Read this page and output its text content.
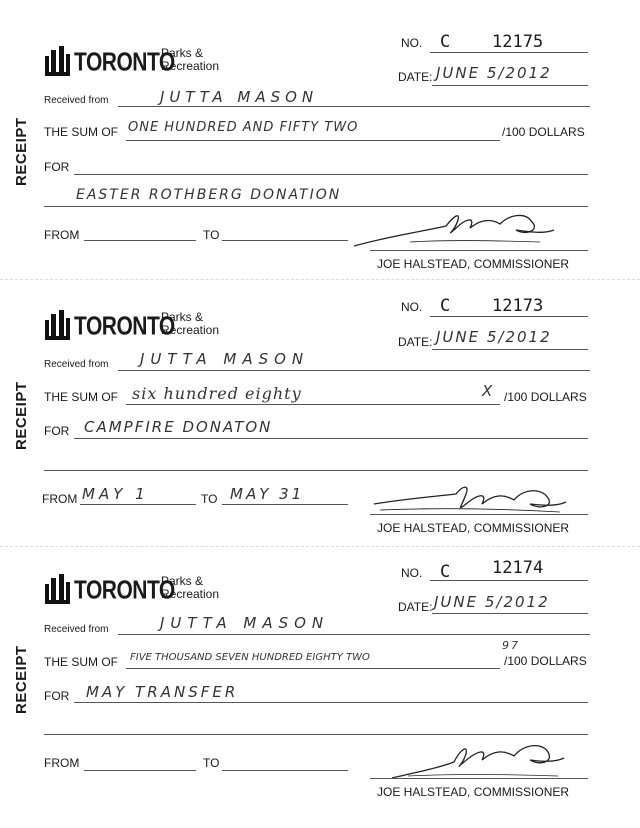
RECEIPT
TORONTO
Parks &
Recreation
NO. C 12175
DATE: JUNE 5/2012
Received from	JUTTA MASON
THE SUM OF ONE HUNDRED AND FIFTY TWO	/100 DOLLARS
FOR
EASTER ROTHBERG DONATION
FROM	TO
JOE HALSTEAD, COMMISSIONER
RECEIPT
TORONTO
Parks &
Recreation
NO. C 12173
DATE: JUNE 5/2012
Received from JUTTA MASON
THE SUM OF six hundred eighty	X /100 DOLLARS
FOR CAMPFIRE DONATON
FROM MAY 1	TO MAY 31
JOE HALSTEAD, COMMISSIONER
RECEIPT
TORONTO
Parks &
Recreation
NO. C 12174
DATE: JUNE 5/2012
Received from	JUTTA MASON
THE SUM OF FIVE THOUSAND SEVEN HUNDRED EIGHTY TWO
97
/100 DOLLARS
FOR MAY TRANSFER
FROM	TO
JOE HALSTEAD, COMMISSIONER
